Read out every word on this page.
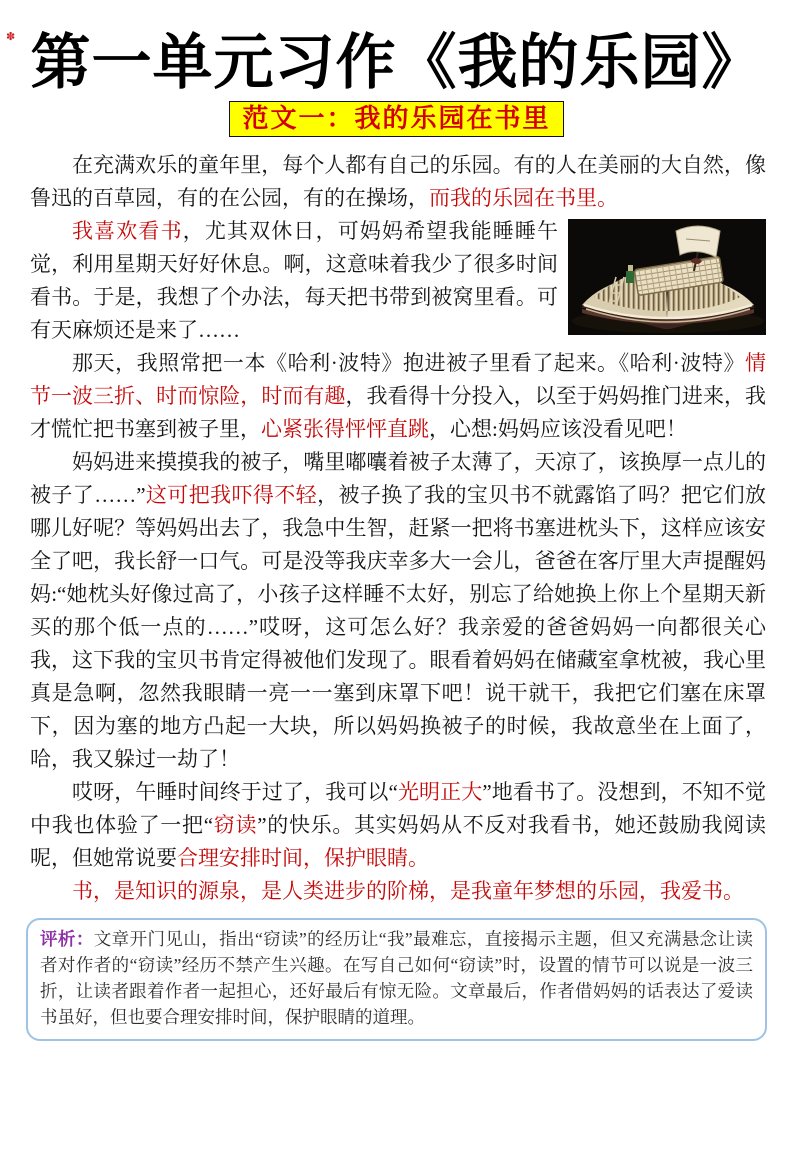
✽ 第一单元习作《我的乐园》
范文一：我的乐园在书里

在充满欢乐的童年里，每个人都有自己的乐园。有的人在美丽的大自然，像鲁迅的百草园，有的在公园，有的在操场，而我的乐园在书里。

我喜欢看书，尤其双休日，可妈妈希望我能睡睡午觉，利用星期天好好休息。啊，这意味着我少了很多时间看书。于是，我想了个办法，每天把书带到被窝里看。可有天麻烦还是来了……

那天，我照常把一本《哈利·波特》抱进被子里看了起来。《哈利·波特》情节一波三折、时而惊险，时而有趣，我看得十分投入，以至于妈妈推门进来，我才慌忙把书塞到被子里，心紧张得怦怦直跳，心想:妈妈应该没看见吧！

妈妈进来摸摸我的被子，嘴里嘟囔着被子太薄了，天凉了，该换厚一点儿的被子了……”这可把我吓得不轻，被子换了我的宝贝书不就露馅了吗？把它们放哪儿好呢？等妈妈出去了，我急中生智，赶紧一把将书塞进枕头下，这样应该安全了吧，我长舒一口气。可是没等我庆幸多大一会儿，爸爸在客厅里大声提醒妈妈:“她枕头好像过高了，小孩子这样睡不太好，别忘了给她换上你上个星期天新买的那个低一点的……”哎呀，这可怎么好？我亲爱的爸爸妈妈一向都很关心我，这下我的宝贝书肯定得被他们发现了。眼看着妈妈在储藏室拿枕被，我心里真是急啊，忽然我眼睛一亮一一塞到床罩下吧！说干就干，我把它们塞在床罩下，因为塞的地方凸起一大块，所以妈妈换被子的时候，我故意坐在上面了，哈，我又躲过一劫了！

哎呀，午睡时间终于过了，我可以“光明正大”地看书了。没想到，不知不觉中我也体验了一把“窃读”的快乐。其实妈妈从不反对我看书，她还鼓励我阅读呢，但她常说要合理安排时间，保护眼睛。

书，是知识的源泉，是人类进步的阶梯，是我童年梦想的乐园，我爱书。

评析：文章开门见山，指出“窃读”的经历让“我”最难忘，直接揭示主题，但又充满悬念让读者对作者的“窃读”经历不禁产生兴趣。在写自己如何“窃读”时，设置的情节可以说是一波三折，让读者跟着作者一起担心，还好最后有惊无险。文章最后，作者借妈妈的话表达了爱读书虽好，但也要合理安排时间，保护眼睛的道理。
